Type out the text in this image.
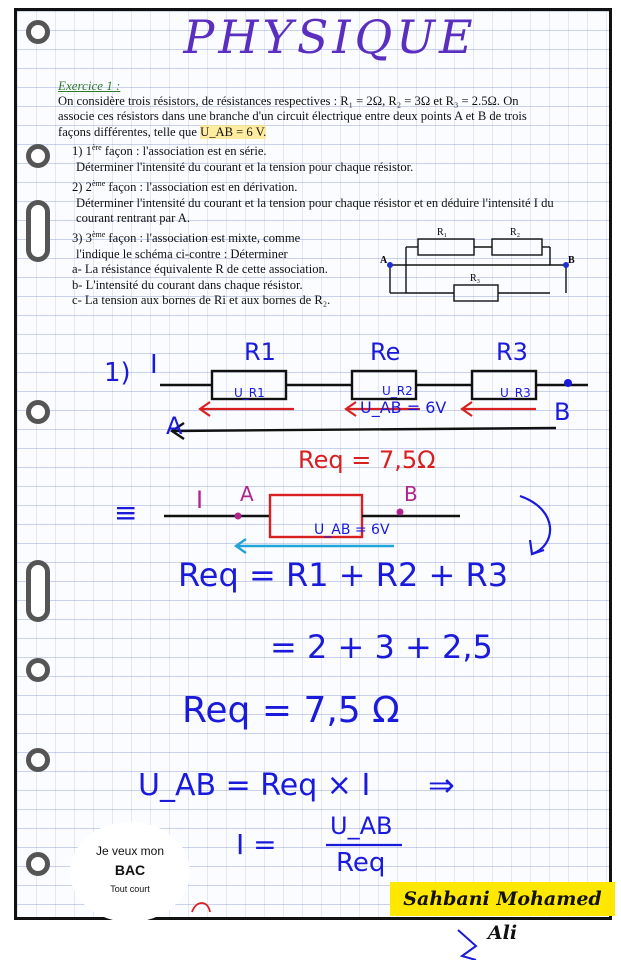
PHYSIQUE

Exercice 1 :

On considère trois résistors, de résistances respectives : R₁ = 2Ω, R₂ = 3Ω et R₃ = 2.5Ω. On

associe ces résistors dans une branche d'un circuit électrique entre deux points A et B de trois

façons différentes, telle que U_AB = 6 V.

1) 1ère façon : l'association est en série.

Déterminer l'intensité du courant et la tension pour chaque résistor.

2) 2ème façon : l'association est en dérivation.

Déterminer l'intensité du courant et la tension pour chaque résistor et en déduire l'intensité I du

courant rentrant par A.

3) 3ème façon : l'association est mixte, comme

l'indique le schéma ci-contre : Déterminer

a- La résistance équivalente R de cette association.

b- L'intensité du courant dans chaque résistor.

c- La tension aux bornes de Ri et aux bornes de R₂.

R₁	R₂
R₃
A	B
1) I	R1	Re	R3
U_R1	U_R2	U_R3
U_AB = 6V
A	B
Req = 7,5Ω
≡ I A	B
U_AB = 6V
Req = R1 + R2 + R3
= 2 + 3 + 2,5
Req = 7,5 Ω
U_AB = Req × I ⇒
I =
U_AB
Req
Je veux mon
BAC
Tout court	Sahbani Mohamed Ali
